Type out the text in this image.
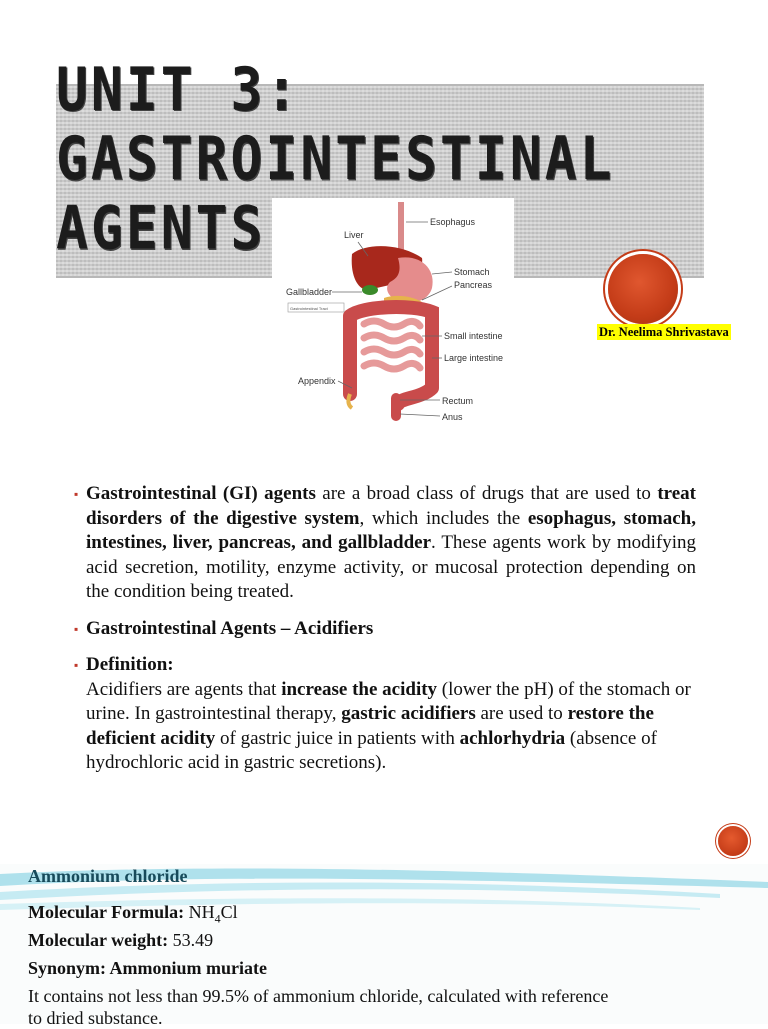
UNIT 3:
GASTROINTESTINAL
AGENTS	Esophagus
Liver
Stomach
Pancreas
Gallbladder
Small intestine
Large intestine
Appendix
Rectum
Anus
Gastrointestinal Tract
Dr. Neelima Shrivastava
▪ Gastrointestinal (GI) agents are a broad class of drugs that are used to treat disorders of the digestive system, which includes the esophagus, stomach, intestines, liver, pancreas, and gallbladder. These agents work by modifying acid secretion, motility, enzyme activity, or mucosal protection depending on the condition being treated.
▪ Gastrointestinal Agents – Acidifiers
▪ Definition:
Acidifiers are agents that increase the acidity (lower the pH) of the stomach or urine. In gastrointestinal therapy, gastric acidifiers are used to restore the deficient acidity of gastric juice in patients with achlorhydria (absence of hydrochloric acid in gastric secretions).
Ammonium chloride
Molecular Formula: $NH_4Cl$
Molecular weight: 53.49
Synonym: Ammonium muriate
It contains not less than 99.5% of ammonium chloride, calculated with reference
to dried substance.
